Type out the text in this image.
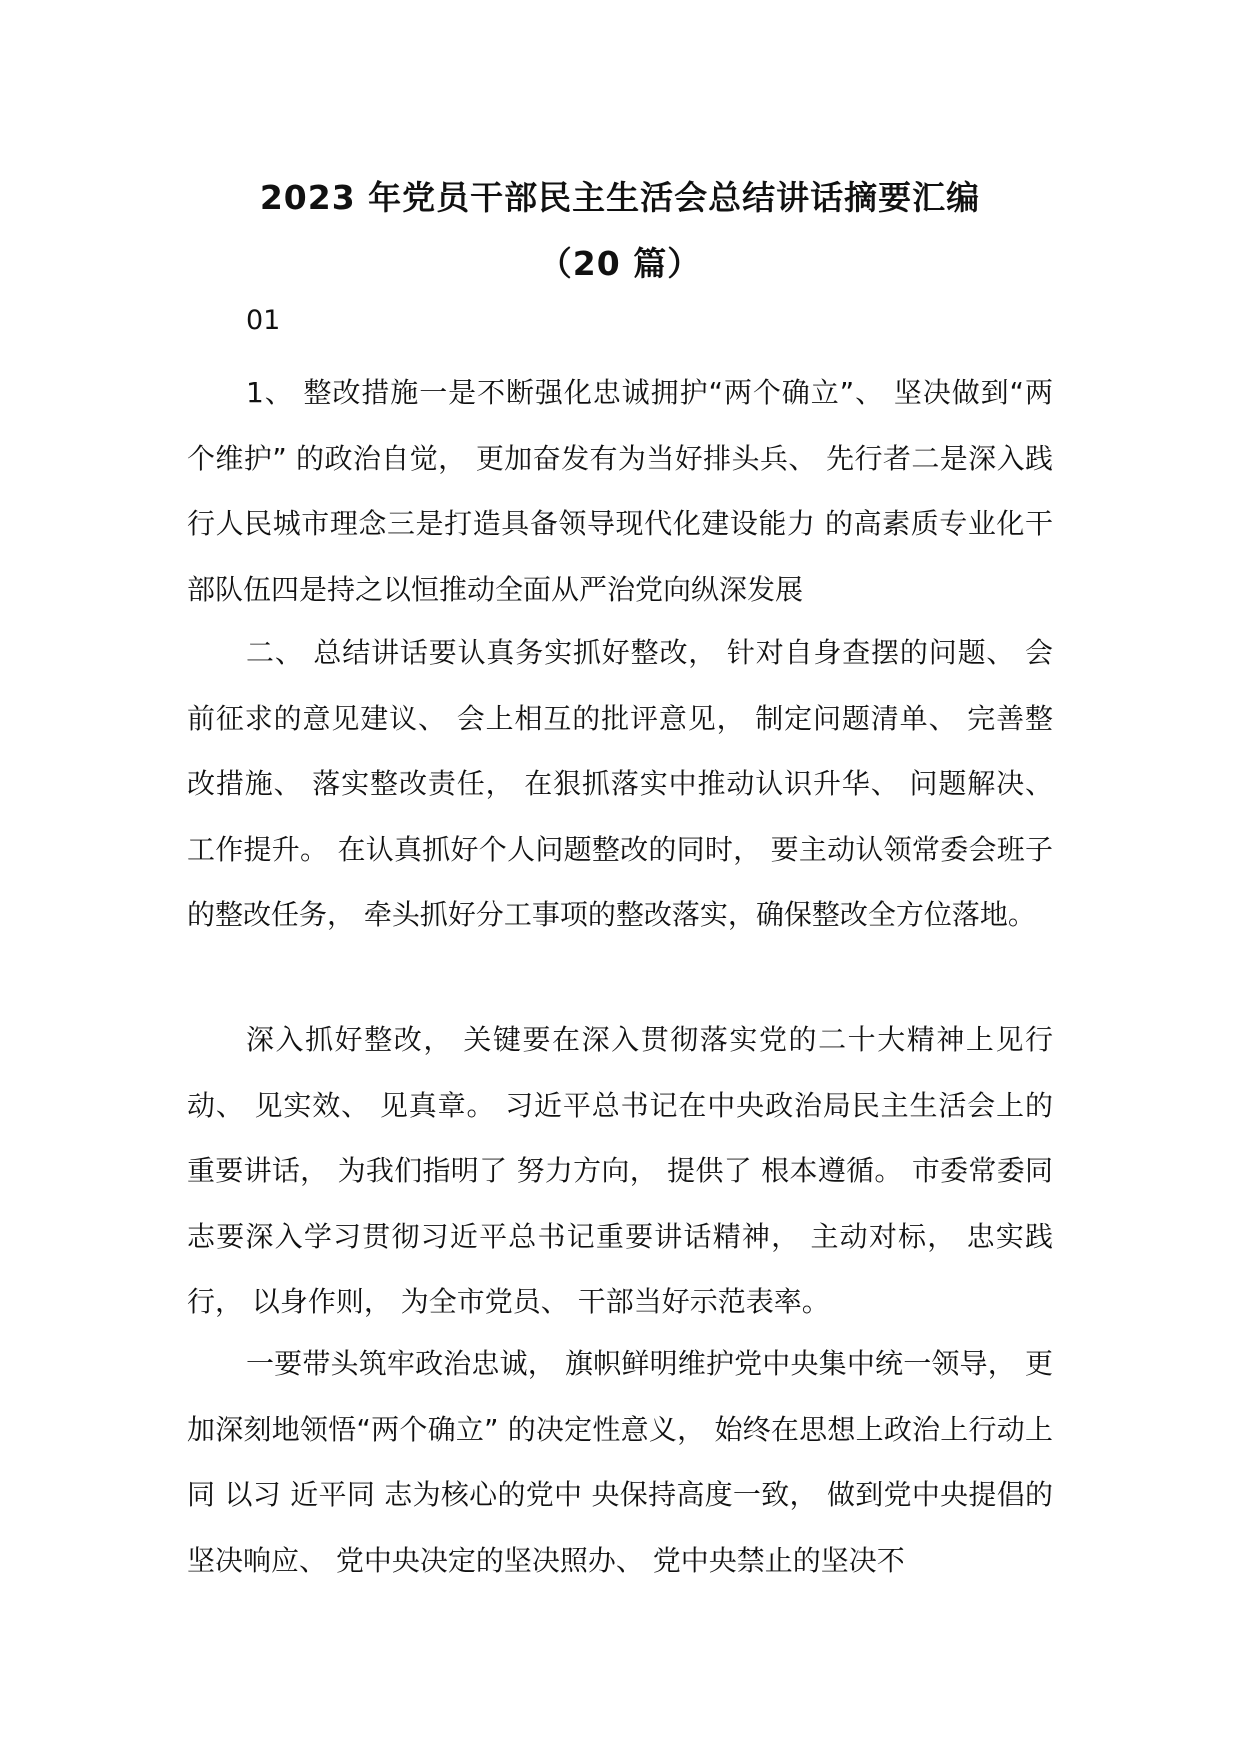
2023 年党员干部民主生活会总结讲话摘要汇编
（20 篇）
01

1、 整改措施一是不断强化忠诚拥护“两个确立”、 坚决做到“两个维护” 的政治自觉， 更加奋发有为当好排头兵、 先行者二是深入践行人民城市理念三是打造具备领导现代化建设能力 的高素质专业化干部队伍四是持之以恒推动全面从严治党向纵深发展

二、 总结讲话要认真务实抓好整改， 针对自身查摆的问题、 会前征求的意见建议、 会上相互的批评意见， 制定问题清单、 完善整改措施、 落实整改责任， 在狠抓落实中推动认识升华、 问题解决、 工作提升。 在认真抓好个人问题整改的同时， 要主动认领常委会班子的整改任务， 牵头抓好分工事项的整改落实，确保整改全方位落地。

深入抓好整改， 关键要在深入贯彻落实党的二十大精神上见行动、 见实效、 见真章。 习近平总书记在中央政治局民主生活会上的重要讲话， 为我们指明了 努力方向， 提供了 根本遵循。 市委常委同志要深入学习贯彻习近平总书记重要讲话精神， 主动对标， 忠实践行， 以身作则， 为全市党员、 干部当好示范表率。

一要带头筑牢政治忠诚， 旗帜鲜明维护党中央集中统一领导， 更加深刻地领悟“两个确立” 的决定性意义， 始终在思想上政治上行动上同 以习 近平同 志为核心的党中 央保持高度一致， 做到党中央提倡的坚决响应、 党中央决定的坚决照办、 党中央禁止的坚决不
